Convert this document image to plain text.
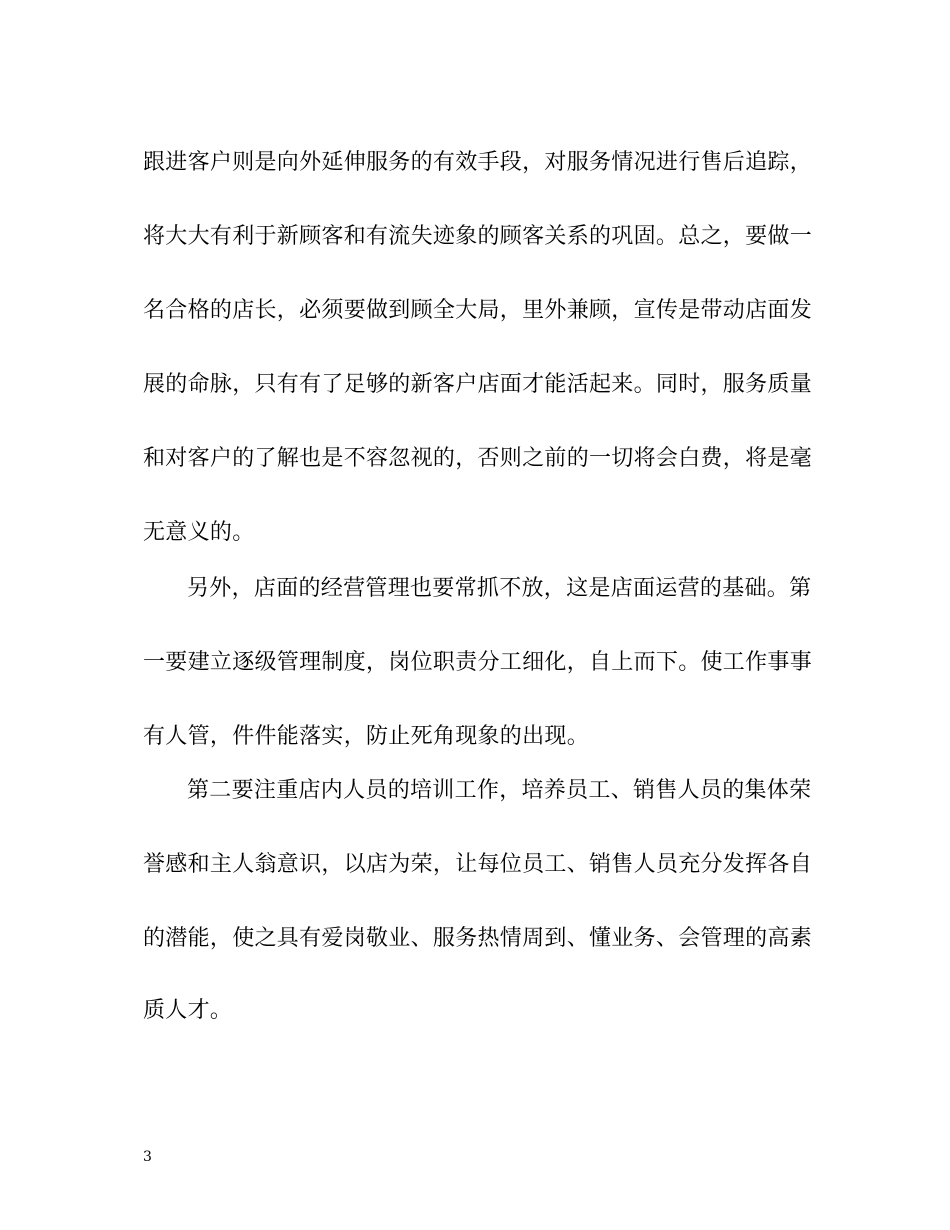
跟进客户则是向外延伸服务的有效手段，对服务情况进行售后追踪，
将大大有利于新顾客和有流失迹象的顾客关系的巩固。总之，要做一
名合格的店长，必须要做到顾全大局，里外兼顾，宣传是带动店面发
展的命脉，只有有了足够的新客户店面才能活起来。同时，服务质量
和对客户的了解也是不容忽视的，否则之前的一切将会白费，将是毫
无意义的。
另外，店面的经营管理也要常抓不放，这是店面运营的基础。第
一要建立逐级管理制度，岗位职责分工细化，自上而下。使工作事事
有人管，件件能落实，防止死角现象的出现。
第二要注重店内人员的培训工作，培养员工、销售人员的集体荣
誉感和主人翁意识，以店为荣，让每位员工、销售人员充分发挥各自
的潜能，使之具有爱岗敬业、服务热情周到、懂业务、会管理的高素
质人才。
3
